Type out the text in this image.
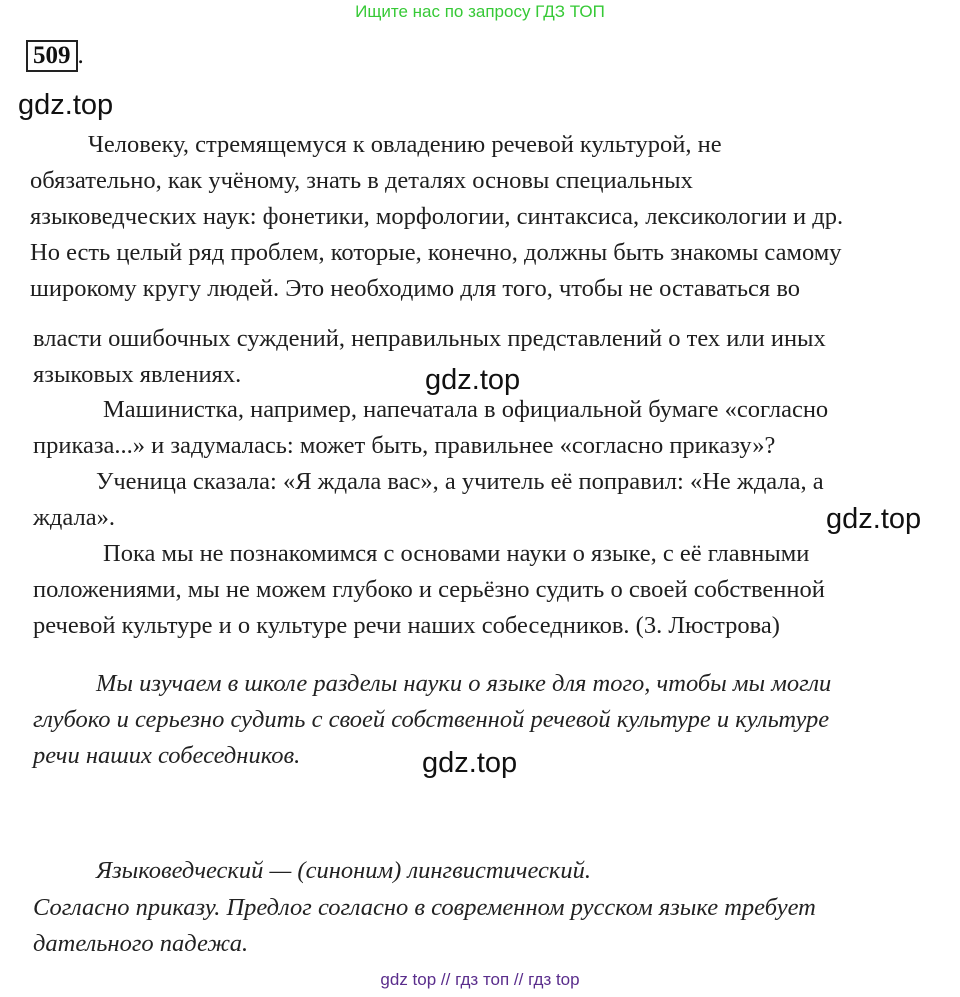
Ищите нас по запросу ГДЗ ТОП
509 .
gdz.top
Человеку, стремящемуся к овладению речевой культурой, не
обязательно, как учёному, знать в деталях основы специальных
языковедческих наук: фонетики, морфологии, синтаксиса, лексикологии и др.
Но есть целый ряд проблем, которые, конечно, должны быть знакомы самому
широкому кругу людей. Это необходимо для того, чтобы не оставаться во
власти ошибочных суждений, неправильных представлений о тех или иных
языковых явлениях.
Машинистка, например, напечатала в официальной бумаге «согласно
приказа...» и задумалась: может быть, правильнее «согласно приказу»?
Ученица сказала: «Я ждала вас», а учитель её поправил: «Не ждала, а
ждала».
Пока мы не познакомимся с основами науки о языке, с её главными
положениями, мы не можем глубоко и серьёзно судить о своей собственной
речевой культуре и о культуре речи наших собеседников. (3. Люстрова)
gdz.top
gdz.top
Мы изучаем в школе разделы науки о языке для того, чтобы мы могли
глубоко и серьезно судить с своей собственной речевой культуре и культуре
речи наших собеседников.	gdz.top
Языковедческий — (синоним) лингвистический.
Согласно приказу. Предлог согласно в современном русском языке требует
дательного падежа.
gdz top // гдз топ // гдз top
